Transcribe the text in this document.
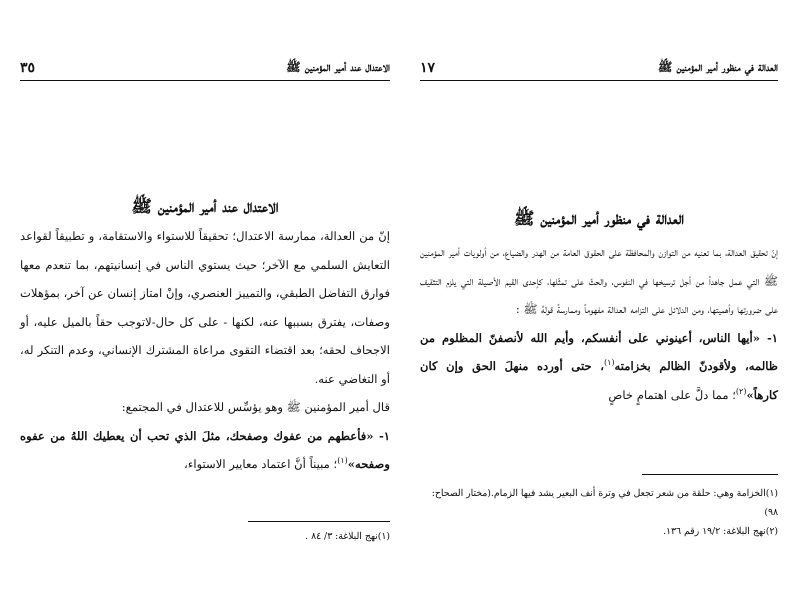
العدالة في منظور أمير المؤمنين ﷺ
١٧
العدالة في منظور أمير المؤمنين ﷺ

إنّ تحقيق العدالة، بما تعنيه من التوازن والمحافظة على الحقوق العامة من الهدر والضياع، من أولويات أمير المؤمنين ﷺ التي عمل جاهداً من أجل ترسيخها في النفوس، والحثّ على تمثّلها، كإحدى القيم الأصيلة التي يلزم التثقيف على ضرورتها وأهميتها، ومن الدلائل على التزامه العدالة مفهوماً وممارسةً قولهُ ﷺ :

١- «أيها الناس، أعينوني على أنفسكم، وأيم الله لأنصفنّ المظلوم من ظالمه، ولأقودنّ الظالم بخزامته$^{(١)}$، حتى أورده منهلَ الحق وإن كان كارهاً»$^{(٢)}$؛ مما دلَّ على اهتمامٍ خاصٍ

(١)الخزامة وهي: حلقة من شعر تجعل في وترة أنف البعير يشد فيها الزمام.(مختار الصحاح: ٩٨)
(٢)نهج البلاغة: ١٩/٢ رقم ١٣٦.
الاعتدال عند أمير المؤمنين ﷺ
٣٥
الاعتدال عند أمير المؤمنين ﷺ

إنّ من العدالة، ممارسة الاعتدال؛ تحقيقاً للاستواء والاستقامة، و تطبيقاً لقواعد التعايش السلمي مع الآخر؛ حيث يستوي الناس في إنسانيتهم، بما تنعدم معها فوارق التفاضل الطبقي، والتمييز العنصري، وإنْ امتاز إنسان عن آخر، بمؤهلات وصفات، يفترق بسببها عنه، لكنها - على كل حال-لاتوجب حقاً بالميل عليه، أو الاجحاف لحقه؛ بعد اقتضاء التقوى مراعاة المشترك الإنساني، وعدم التنكر له، أو التغاضي عنه.

قال أمير المؤمنين ﷺ وهو يؤسِّس للاعتدال في المجتمع:

١- «فأعطهم من عفوك وصفحك، مثلَ الذي تحب أن يعطيك اللهُ من عفوه وصفحه»$^{(١)}$؛ مبيناً أنَّ اعتماد معايير الاستواء،

(١)نهج البلاغة: ٣/ ٨٤ .
